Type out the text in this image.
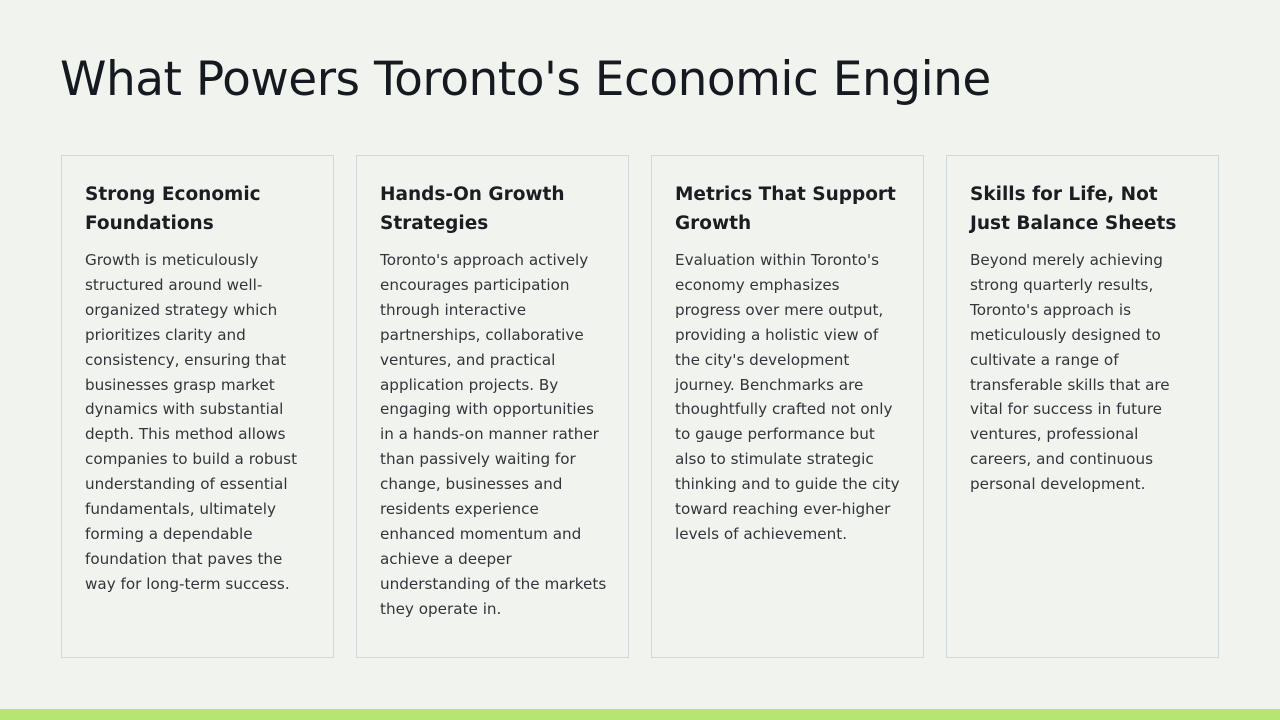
What Powers Toronto's Economic Engine
Strong Economic Foundations

Growth is meticulously structured around well-organized strategy which prioritizes clarity and consistency, ensuring that businesses grasp market dynamics with substantial depth. This method allows companies to build a robust understanding of essential fundamentals, ultimately forming a dependable foundation that paves the way for long-term success.

Hands-On Growth Strategies

Toronto's approach actively encourages participation through interactive partnerships, collaborative ventures, and practical application projects. By engaging with opportunities in a hands-on manner rather than passively waiting for change, businesses and residents experience enhanced momentum and achieve a deeper understanding of the markets they operate in.

Metrics That Support Growth

Evaluation within Toronto's economy emphasizes progress over mere output, providing a holistic view of the city's development journey. Benchmarks are thoughtfully crafted not only to gauge performance but also to stimulate strategic thinking and to guide the city toward reaching ever-higher levels of achievement.

Skills for Life, Not Just Balance Sheets

Beyond merely achieving strong quarterly results, Toronto's approach is meticulously designed to cultivate a range of transferable skills that are vital for success in future ventures, professional careers, and continuous personal development.
